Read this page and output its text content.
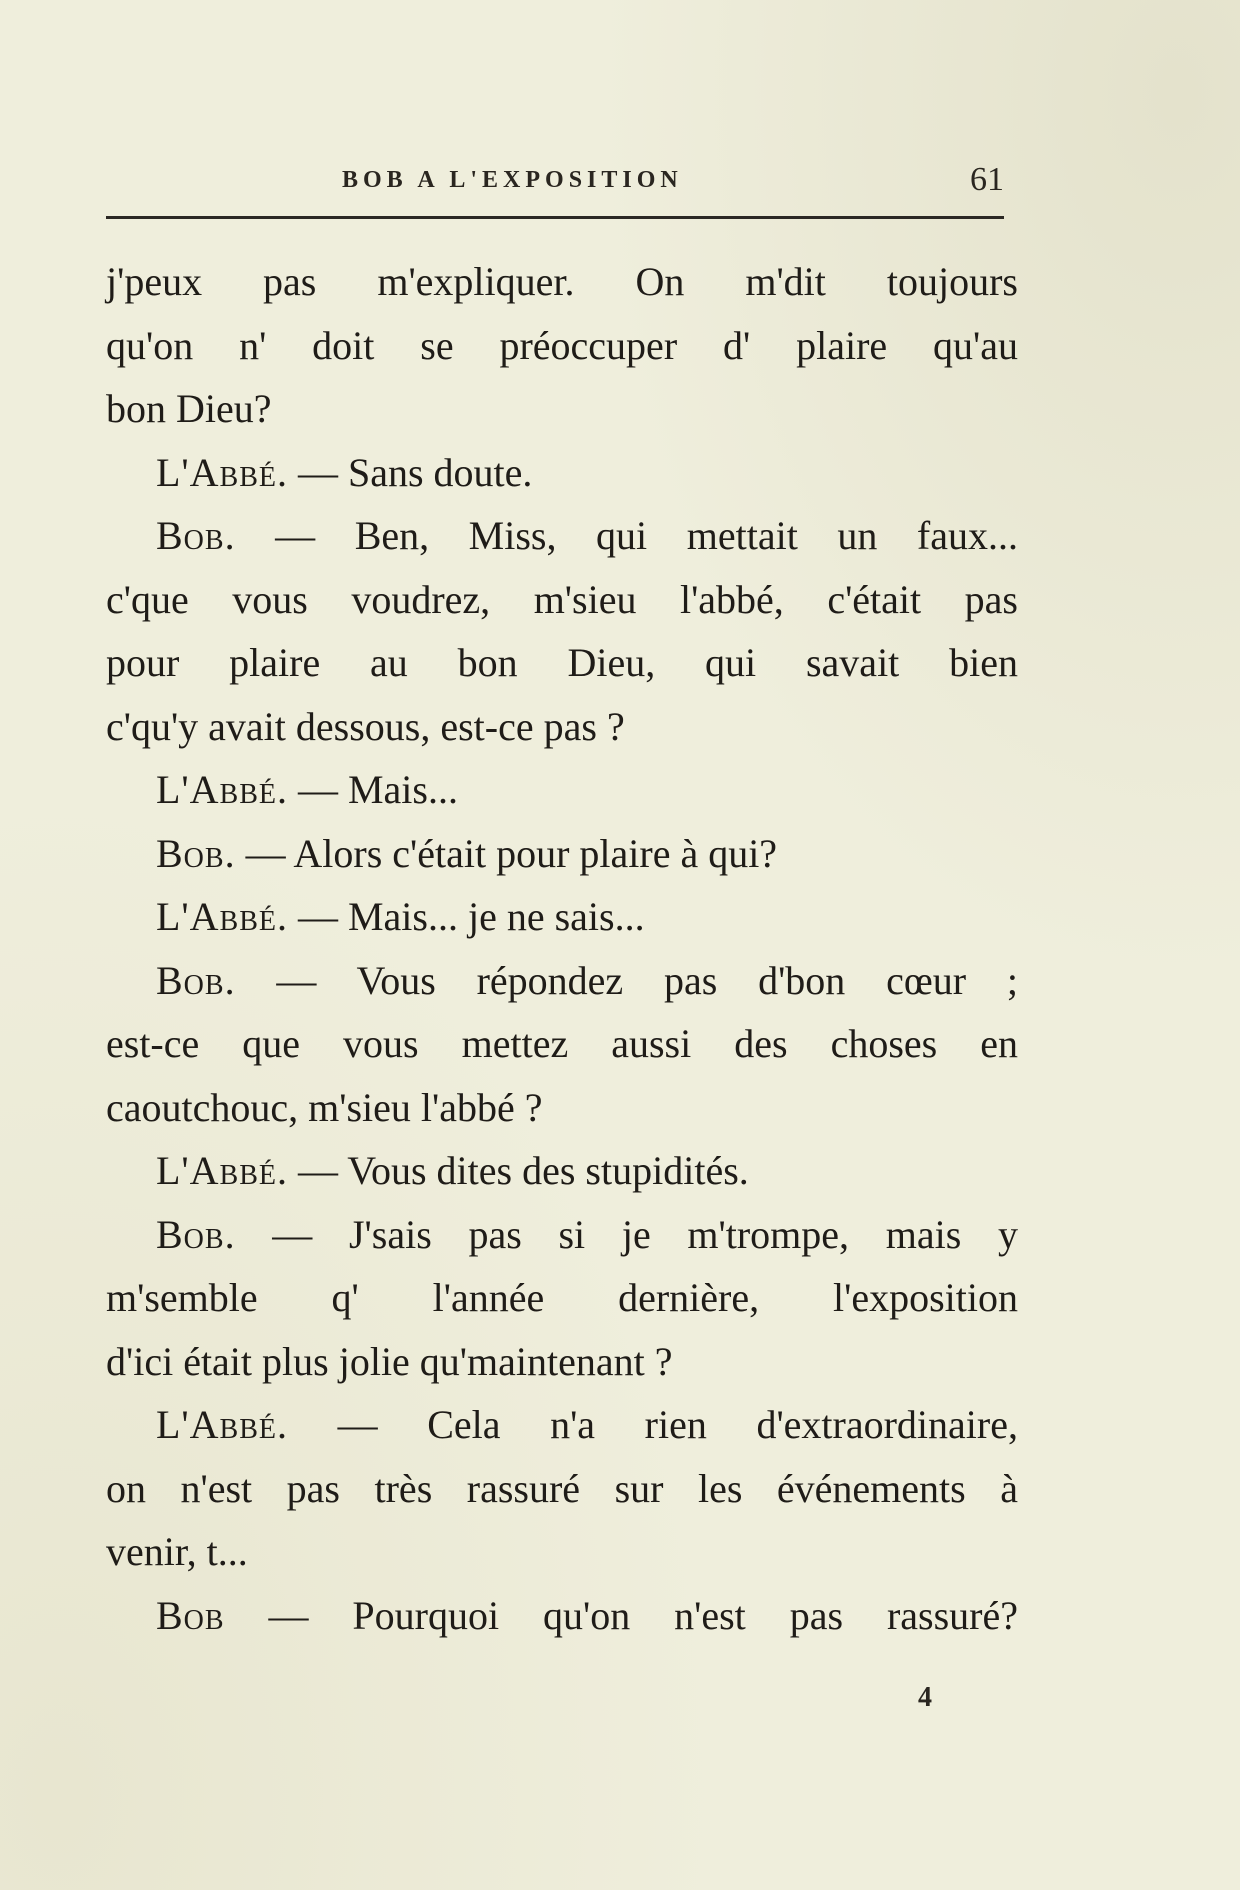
BOB A L'EXPOSITION	61
j'peux pas m'expliquer. On m'dit toujours
qu'on n' doit se préoccuper d' plaire qu'au
bon Dieu?
L'Abbé. — Sans doute.
Bob. — Ben, Miss, qui mettait un faux...
c'que vous voudrez, m'sieu l'abbé, c'était pas
pour plaire au bon Dieu, qui savait bien
c'qu'y avait dessous, est-ce pas ?
L'Abbé. — Mais...
Bob. — Alors c'était pour plaire à qui?
L'Abbé. — Mais... je ne sais...
Bob. — Vous répondez pas d'bon cœur ;
est-ce que vous mettez aussi des choses en
caoutchouc, m'sieu l'abbé ?
L'Abbé. — Vous dites des stupidités.
Bob. — J'sais pas si je m'trompe, mais y
m'semble q' l'année dernière, l'exposition
d'ici était plus jolie qu'maintenant ?
L'Abbé. — Cela n'a rien d'extraordinaire,
on n'est pas très rassuré sur les événements à
venir, t...
Bob — Pourquoi qu'on n'est pas rassuré?
4
